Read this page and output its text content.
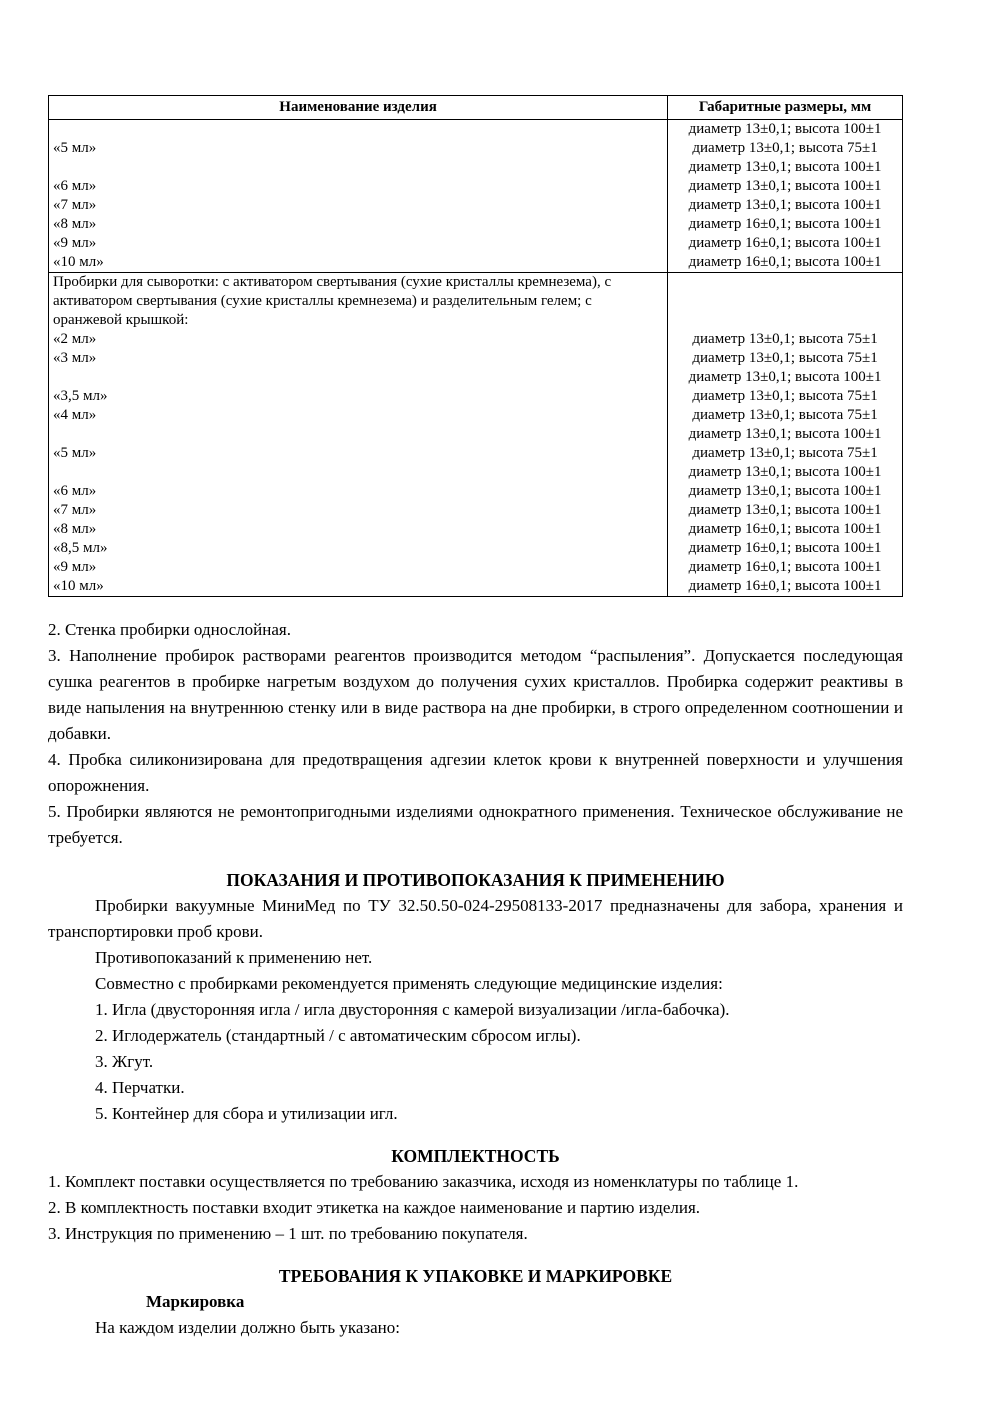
Наименование изделия	Габаритные размеры, мм
	диаметр 13±0,1; высота 100±1
«5 мл»	диаметр 13±0,1; высота 75±1
	диаметр 13±0,1; высота 100±1
«6 мл»	диаметр 13±0,1; высота 100±1
«7 мл»	диаметр 13±0,1; высота 100±1
«8 мл»	диаметр 16±0,1; высота 100±1
«9 мл»	диаметр 16±0,1; высота 100±1
«10 мл»	диаметр 16±0,1; высота 100±1
Пробирки для сыворотки: с активатором свертывания (сухие кристаллы кремнезема), с активатором свертывания (сухие кристаллы кремнезема) и разделительным гелем; с оранжевой крышкой:	
«2 мл»	диаметр 13±0,1; высота 75±1
«3 мл»	диаметр 13±0,1; высота 75±1
	диаметр 13±0,1; высота 100±1
«3,5 мл»	диаметр 13±0,1; высота 75±1
«4 мл»	диаметр 13±0,1; высота 75±1
	диаметр 13±0,1; высота 100±1
«5 мл»	диаметр 13±0,1; высота 75±1
	диаметр 13±0,1; высота 100±1
«6 мл»	диаметр 13±0,1; высота 100±1
«7 мл»	диаметр 13±0,1; высота 100±1
«8 мл»	диаметр 16±0,1; высота 100±1
«8,5 мл»	диаметр 16±0,1; высота 100±1
«9 мл»	диаметр 16±0,1; высота 100±1
«10 мл»	диаметр 16±0,1; высота 100±1
2. Стенка пробирки однослойная.
3. Наполнение пробирок растворами реагентов производится методом “распыления”. Допускается последующая сушка реагентов в пробирке нагретым воздухом до получения сухих кристаллов. Пробирка содержит реактивы в виде напыления на внутреннюю стенку или в виде раствора на дне пробирки, в строго определенном соотношении и добавки.
4. Пробка силиконизирована для предотвращения адгезии клеток крови к внутренней поверхности и улучшения опорожнения.
5. Пробирки являются не ремонтопригодными изделиями однократного применения. Техническое обслуживание не требуется.
ПОКАЗАНИЯ И ПРОТИВОПОКАЗАНИЯ К ПРИМЕНЕНИЮ
Пробирки вакуумные МиниМед по ТУ 32.50.50-024-29508133-2017 предназначены для забора, хранения и транспортировки проб крови.
Противопоказаний к применению нет.
Совместно с пробирками рекомендуется применять следующие медицинские изделия:
1. Игла (двусторонняя игла / игла двусторонняя с камерой визуализации /игла-бабочка).
2. Иглодержатель (стандартный / с автоматическим сбросом иглы).
3. Жгут.
4. Перчатки.
5. Контейнер для сбора и утилизации игл.
КОМПЛЕКТНОСТЬ
1. Комплект поставки осуществляется по требованию заказчика, исходя из номенклатуры по таблице 1.
2. В комплектность поставки входит этикетка на каждое наименование и партию изделия.
3. Инструкция по применению – 1 шт. по требованию покупателя.
ТРЕБОВАНИЯ К УПАКОВКЕ И МАРКИРОВКЕ
Маркировка
На каждом изделии должно быть указано:
